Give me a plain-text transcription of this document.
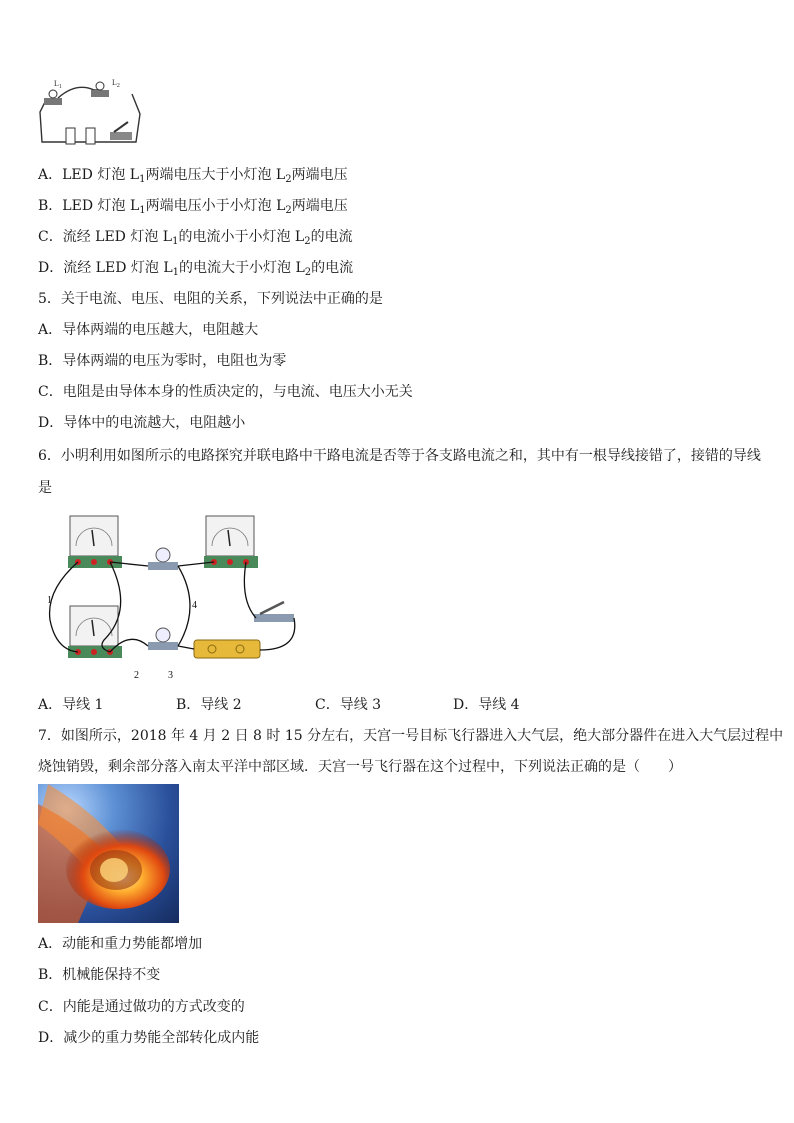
$L_1$	$L_2$
A．LED 灯泡 $L_1$两端电压大于小灯泡 $L_2$两端电压
B．LED 灯泡 $L_1$两端电压小于小灯泡 $L_2$两端电压
C．流经 LED 灯泡 $L_1$的电流小于小灯泡 $L_2$的电流
D．流经 LED 灯泡 $L_1$的电流大于小灯泡 $L_2$的电流
5．关于电流、电压、电阻的关系，下列说法中正确的是
A．导体两端的电压越大，电阻越大
B．导体两端的电压为零时，电阻也为零
C．电阻是由导体本身的性质决定的，与电流、电压大小无关
D．导体中的电流越大，电阻越小
6．小明利用如图所示的电路探究并联电路中干路电流是否等于各支路电流之和，其中有一根导线接错了，接错的导线
是
1
2	3
4
A．导线 1	B．导线 2	C．导线 3	D．导线 4
7．如图所示，2018 年 4 月 2 日 8 时 15 分左右，天宫一号目标飞行器进入大气层，绝大部分器件在进入大气层过程中
烧蚀销毁，剩余部分落入南太平洋中部区域．天宫一号飞行器在这个过程中，下列说法正确的是（　　）
A．动能和重力势能都增加
B．机械能保持不变
C．内能是通过做功的方式改变的
D．减少的重力势能全部转化成内能
